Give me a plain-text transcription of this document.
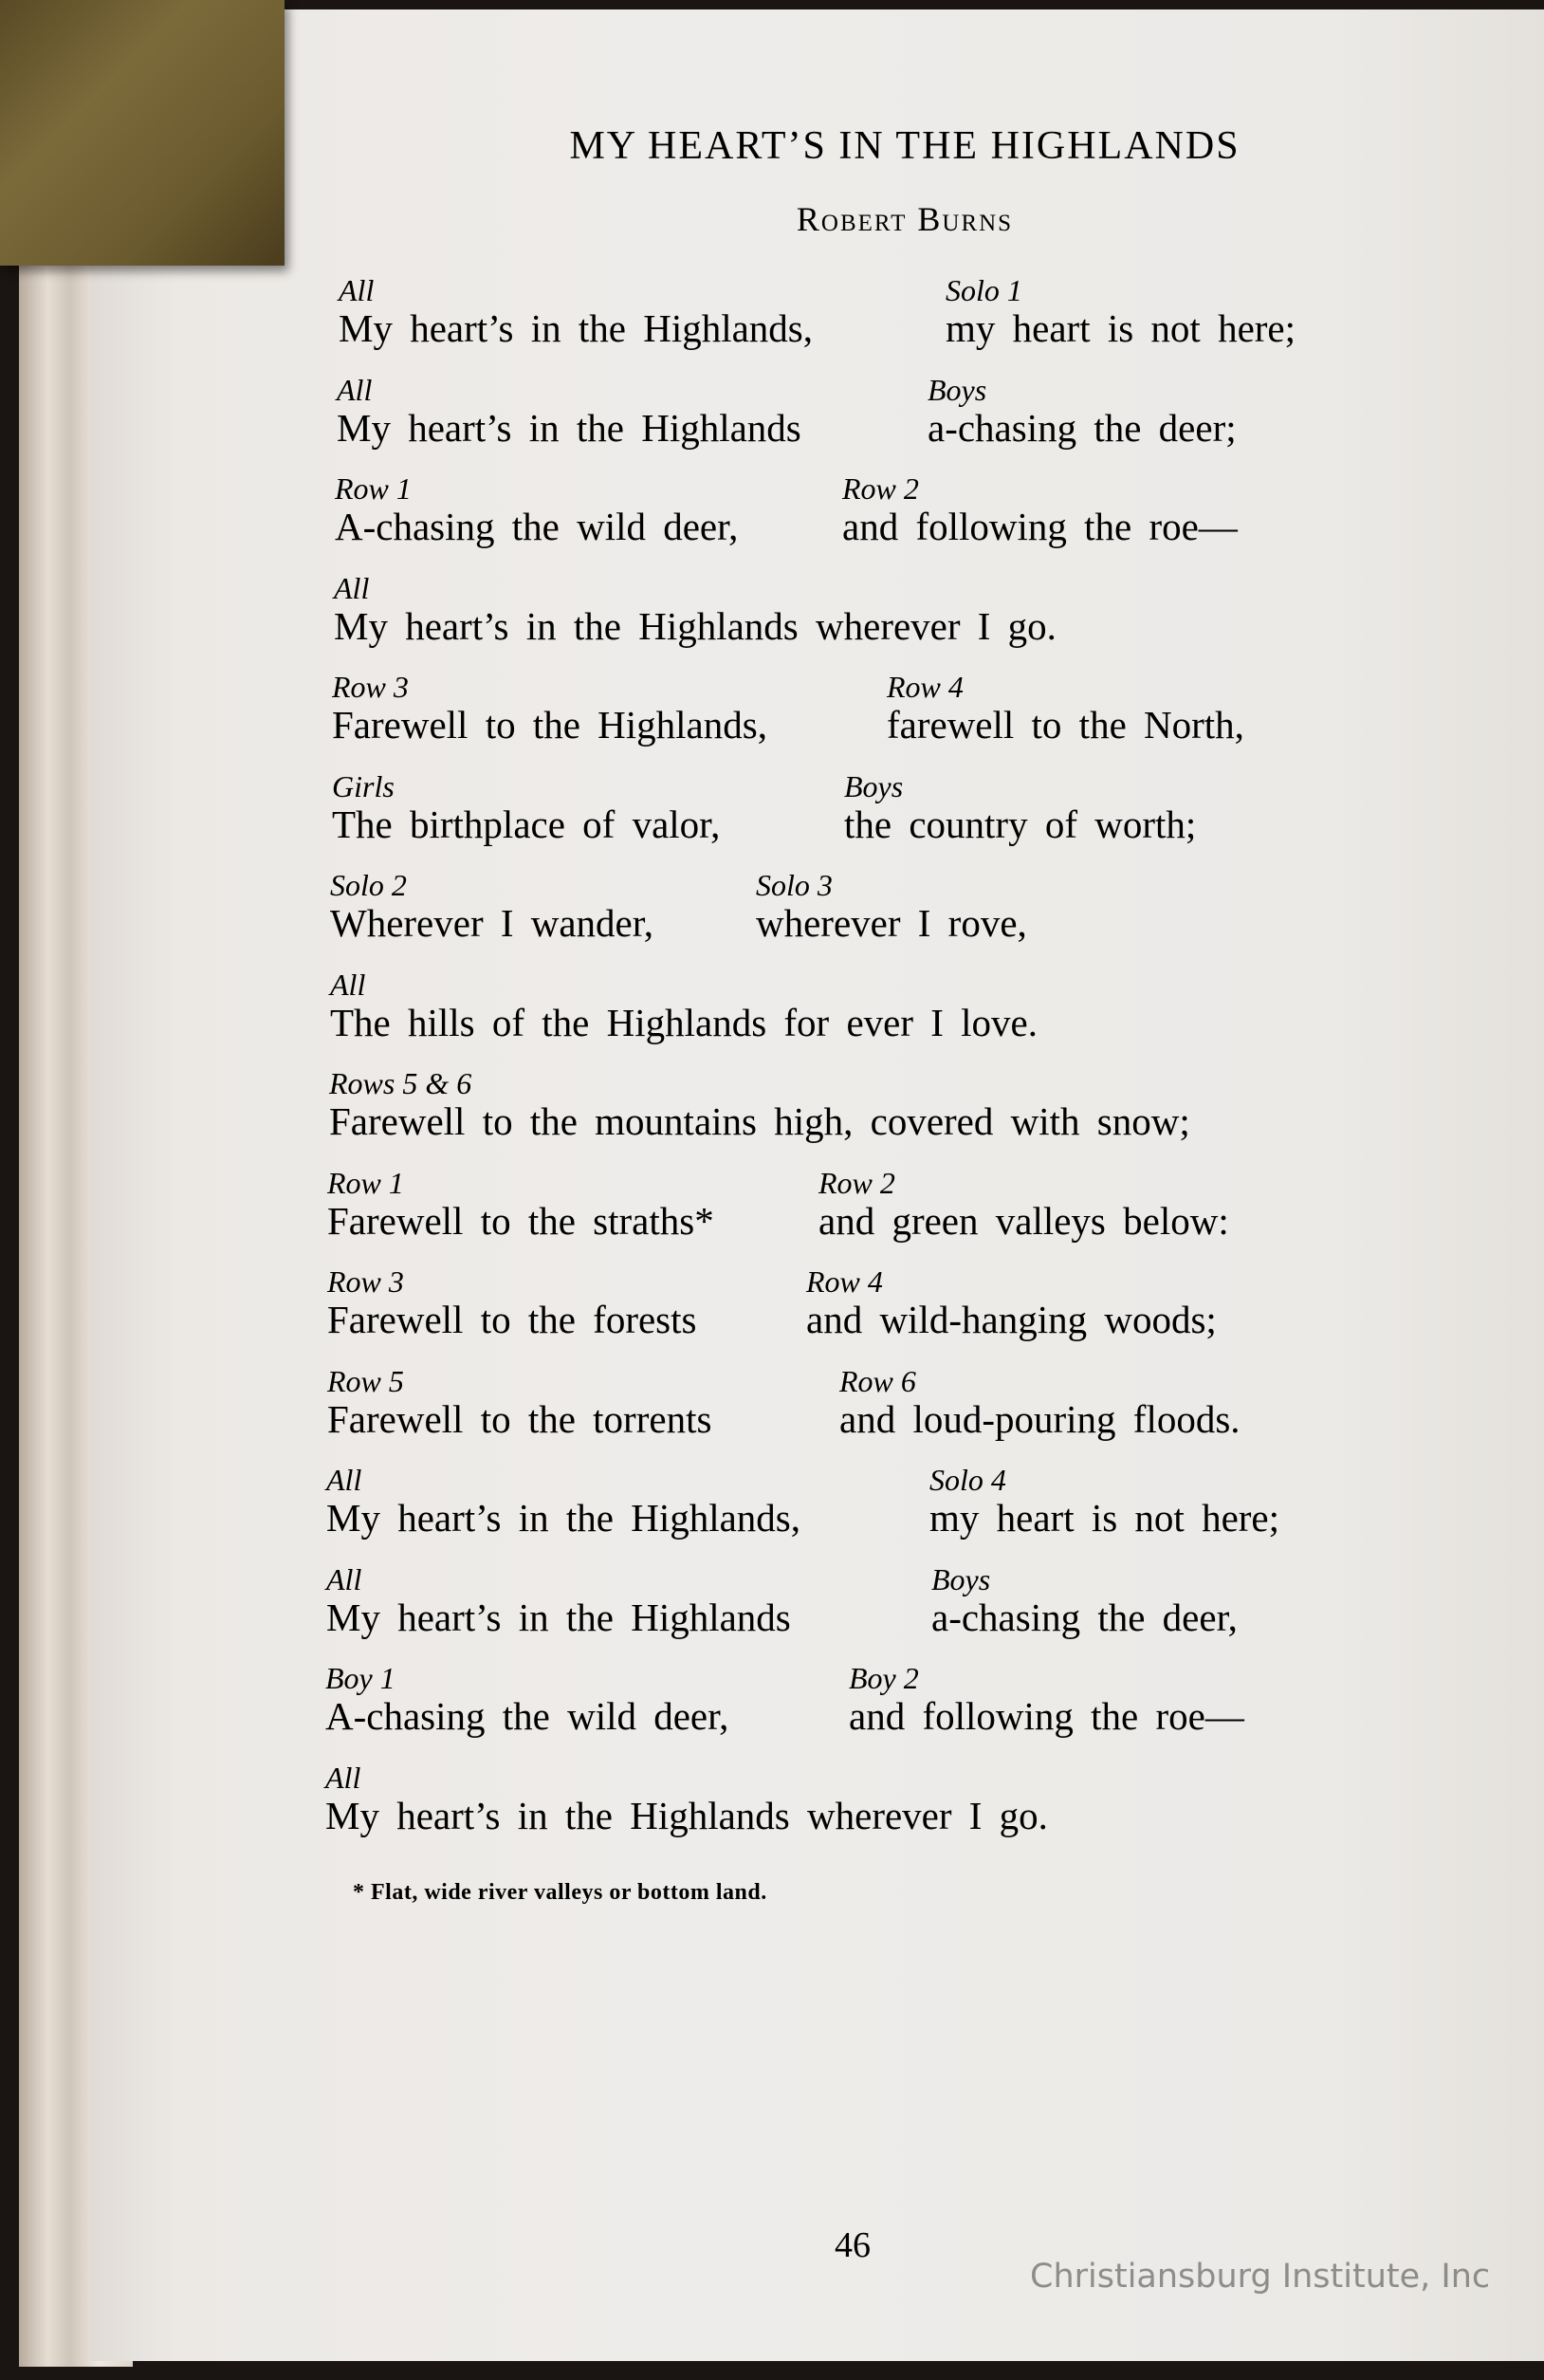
MY HEART’S IN THE HIGHLANDS
Robert Burns
All
My heart’s in the Highlands,
Solo 1
my heart is not here;
All
My heart’s in the Highlands
Boys
a-chasing the deer;
Row 1
A-chasing the wild deer,
Row 2
and following the roe—
All
My heart’s in the Highlands wherever I go.
Row 3
Farewell to the Highlands,
Row 4
farewell to the North,
Girls
The birthplace of valor,
Boys
the country of worth;
Solo 2
Wherever I wander,
Solo 3
wherever I rove,
All
The hills of the Highlands for ever I love.
Rows 5 & 6
Farewell to the mountains high, covered with snow;
Row 1
Farewell to the straths*
Row 2
and green valleys below:
Row 3
Farewell to the forests
Row 4
and wild-hanging woods;
Row 5
Farewell to the torrents
Row 6
and loud-pouring floods.
All
My heart’s in the Highlands,
Solo 4
my heart is not here;
All
My heart’s in the Highlands
Boys
a-chasing the deer,
Boy 1
A-chasing the wild deer,
Boy 2
and following the roe—
All
My heart’s in the Highlands wherever I go.
* Flat, wide river valleys or bottom land.
46
Christiansburg Institute, Inc
